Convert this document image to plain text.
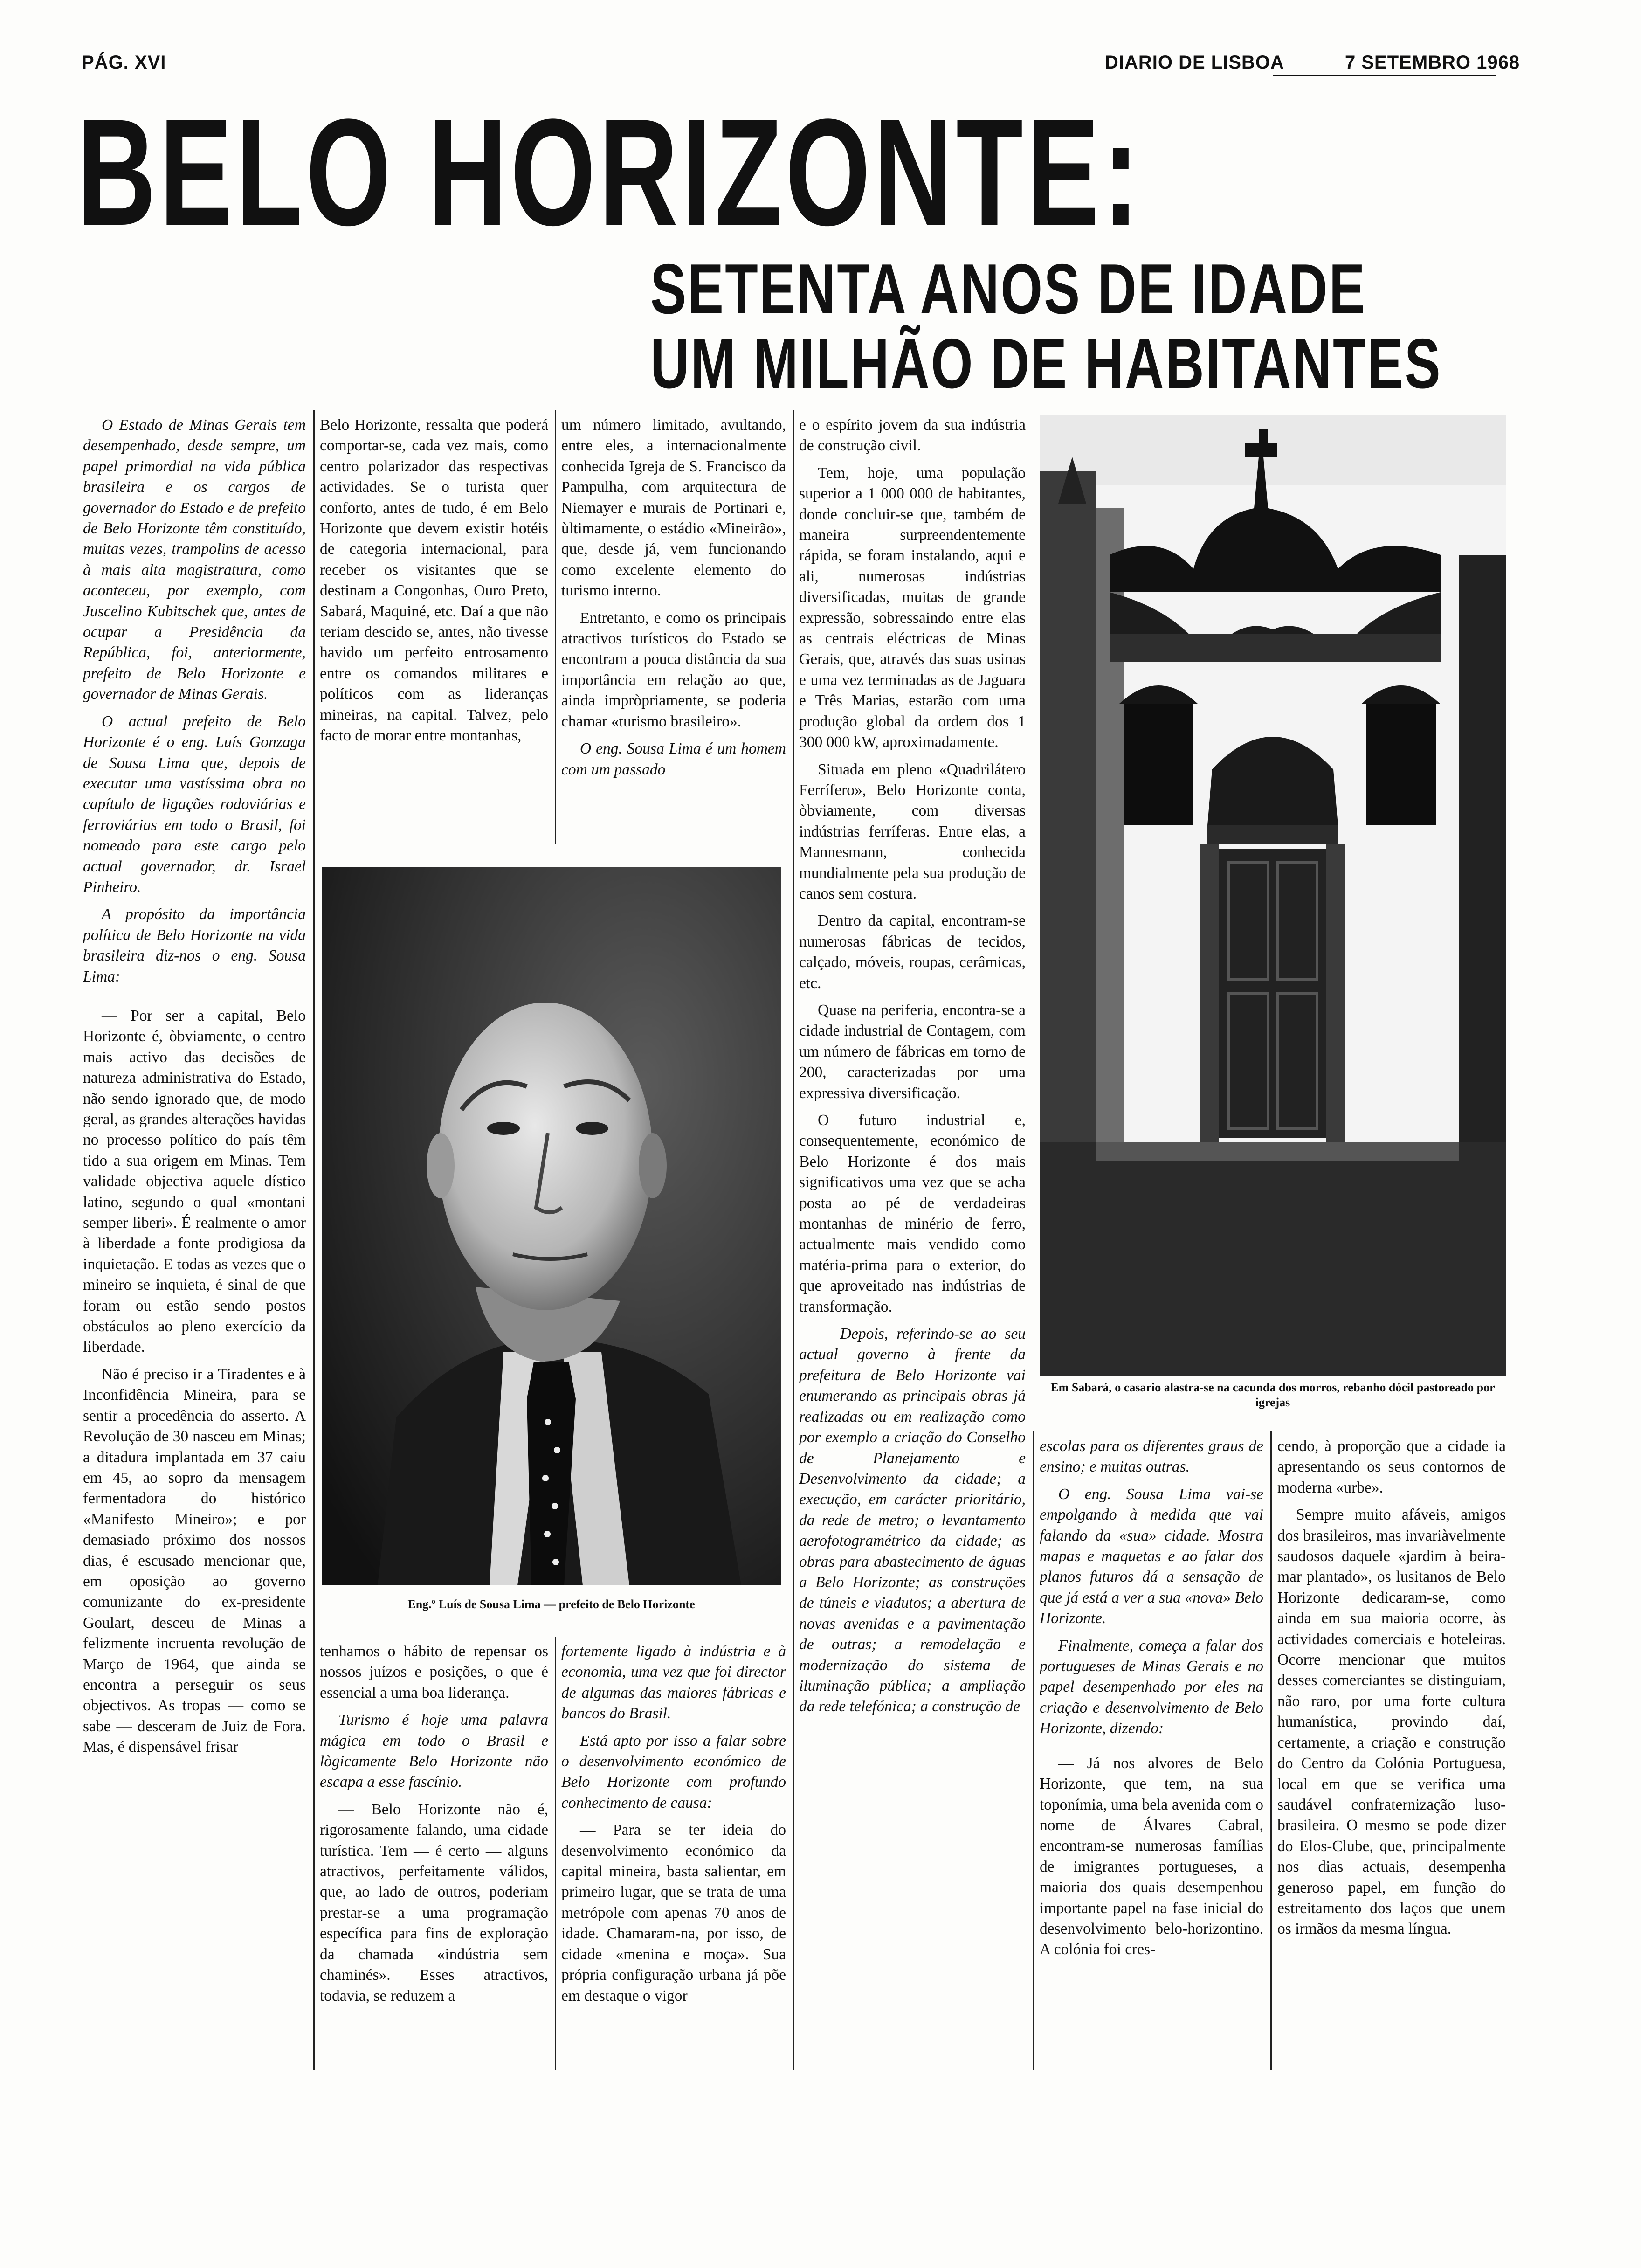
PÁG. XVI	DIARIO DE LISBOA	7 SETEMBRO 1968
BELO HORIZONTE:
SETENTA ANOS DE IDADE
UM MILHÃO DE HABITANTES

O Estado de Minas Gerais tem desempenhado, desde sempre, um papel primordial na vida pública brasileira e os cargos de governador do Estado e de prefeito de Belo Horizonte têm constituído, muitas vezes, trampolins de acesso à mais alta magistratura, como aconteceu, por exemplo, com Juscelino Kubitschek que, antes de ocupar a Presidência da República, foi, anteriormente, prefeito de Belo Horizonte e governador de Minas Gerais.

O actual prefeito de Belo Horizonte é o eng. Luís Gonzaga de Sousa Lima que, depois de executar uma vastíssima obra no capítulo de ligações rodoviárias e ferroviárias em todo o Brasil, foi nomeado para este cargo pelo actual governador, dr. Israel Pinheiro.

A propósito da importância política de Belo Horizonte na vida brasileira diz-nos o eng. Sousa Lima:

— Por ser a capital, Belo Horizonte é, òbviamente, o centro mais activo das decisões de natureza administrativa do Estado, não sendo ignorado que, de modo geral, as grandes alterações havidas no processo político do país têm tido a sua origem em Minas. Tem validade objectiva aquele dístico latino, segundo o qual «montani semper liberi». É realmente o amor à liberdade a fonte prodigiosa da inquietação. E todas as vezes que o mineiro se inquieta, é sinal de que foram ou estão sendo postos obstáculos ao pleno exercício da liberdade.

Não é preciso ir a Tiradentes e à Inconfidência Mineira, para se sentir a procedência do asserto. A Revolução de 30 nasceu em Minas; a ditadura implantada em 37 caiu em 45, ao sopro da mensagem fermentadora do histórico «Manifesto Mineiro»; e por demasiado próximo dos nossos dias, é escusado mencionar que, em oposição ao governo comunizante do ex-presidente Goulart, desceu de Minas a felizmente incruenta revolução de Março de 1964, que ainda se encontra a perseguir os seus objectivos. As tropas — como se sabe — desceram de Juiz de Fora. Mas, é dispensável frisar

Belo Horizonte, ressalta que poderá comportar-se, cada vez mais, como centro polarizador das respectivas actividades. Se o turista quer conforto, antes de tudo, é em Belo Horizonte que devem existir hotéis de categoria internacional, para receber os visitantes que se destinam a Congonhas, Ouro Preto, Sabará, Maquiné, etc. Daí a que não teriam descido se, antes, não tivesse havido um perfeito entrosamento entre os comandos militares e políticos com as lideranças mineiras, na capital. Talvez, pelo facto de morar entre montanhas,

um número limitado, avultando, entre eles, a internacionalmente conhecida Igreja de S. Francisco da Pampulha, com arquitectura de Niemayer e murais de Portinari e, ùltimamente, o estádio «Mineirão», que, desde já, vem funcionando como excelente elemento do turismo interno.

Entretanto, e como os principais atractivos turísticos do Estado se encontram a pouca distância da sua importância em relação ao que, ainda impròpriamente, se poderia chamar «turismo brasileiro».

O eng. Sousa Lima é um homem com um passado

Eng.º Luís de Sousa Lima — prefeito de Belo Horizonte

tenhamos o hábito de repensar os nossos juízos e posições, o que é essencial a uma boa liderança.

Turismo é hoje uma palavra mágica em todo o Brasil e lògicamente Belo Horizonte não escapa a esse fascínio.

— Belo Horizonte não é, rigorosamente falando, uma cidade turística. Tem — é certo — alguns atractivos, perfeitamente válidos, que, ao lado de outros, poderiam prestar-se a uma programação específica para fins de exploração da chamada «indústria sem chaminés». Esses atractivos, todavia, se reduzem a

fortemente ligado à indústria e à economia, uma vez que foi director de algumas das maiores fábricas e bancos do Brasil.

Está apto por isso a falar sobre o desenvolvimento económico de Belo Horizonte com profundo conhecimento de causa:

— Para se ter ideia do desenvolvimento económico da capital mineira, basta salientar, em primeiro lugar, que se trata de uma metrópole com apenas 70 anos de idade. Chamaram-na, por isso, de cidade «menina e moça». Sua própria configuração urbana já põe em destaque o vigor

e o espírito jovem da sua indústria de construção civil.

Tem, hoje, uma população superior a 1 000 000 de habitantes, donde concluir-se que, também de maneira surpreendentemente rápida, se foram instalando, aqui e ali, numerosas indústrias diversificadas, muitas de grande expressão, sobressaindo entre elas as centrais eléctricas de Minas Gerais, que, através das suas usinas e uma vez terminadas as de Jaguara e Três Marias, estarão com uma produção global da ordem dos 1 300 000 kW, aproximadamente.

Situada em pleno «Quadrilátero Ferrífero», Belo Horizonte conta, òbviamente, com diversas indústrias ferríferas. Entre elas, a Mannesmann, conhecida mundialmente pela sua produção de canos sem costura.

Dentro da capital, encontram-se numerosas fábricas de tecidos, calçado, móveis, roupas, cerâmicas, etc.

Quase na periferia, encontra-se a cidade industrial de Contagem, com um número de fábricas em torno de 200, caracterizadas por uma expressiva diversificação.

O futuro industrial e, consequentemente, económico de Belo Horizonte é dos mais significativos uma vez que se acha posta ao pé de verdadeiras montanhas de minério de ferro, actualmente mais vendido como matéria-prima para o exterior, do que aproveitado nas indústrias de transformação.

— Depois, referindo-se ao seu actual governo à frente da prefeitura de Belo Horizonte vai enumerando as principais obras já realizadas ou em realização como por exemplo a criação do Conselho de Planejamento e Desenvolvimento da cidade; a execução, em carácter prioritário, da rede de metro; o levantamento aerofotogramétrico da cidade; as obras para abastecimento de águas a Belo Horizonte; as construções de túneis e viadutos; a abertura de novas avenidas e a pavimentação de outras; a remodelação e modernização do sistema de iluminação pública; a ampliação da rede telefónica; a construção de

Em Sabará, o casario alastra-se na cacunda dos morros, rebanho dócil pastoreado por igrejas

escolas para os diferentes graus de ensino; e muitas outras.

O eng. Sousa Lima vai-se empolgando à medida que vai falando da «sua» cidade. Mostra mapas e maquetas e ao falar dos planos futuros dá a sensação de que já está a ver a sua «nova» Belo Horizonte.

Finalmente, começa a falar dos portugueses de Minas Gerais e no papel desempenhado por eles na criação e desenvolvimento de Belo Horizonte, dizendo:

— Já nos alvores de Belo Horizonte, que tem, na sua toponímia, uma bela avenida com o nome de Álvares Cabral, encontram-se numerosas famílias de imigrantes portugueses, a maioria dos quais desempenhou importante papel na fase inicial do desenvolvimento belo-horizontino. A colónia foi cres-

cendo, à proporção que a cidade ia apresentando os seus contornos de moderna «urbe».

Sempre muito afáveis, amigos dos brasileiros, mas invariàvelmente saudosos daquele «jardim à beira-mar plantado», os lusitanos de Belo Horizonte dedicaram-se, como ainda em sua maioria ocorre, às actividades comerciais e hoteleiras. Ocorre mencionar que muitos desses comerciantes se distinguiam, não raro, por uma forte cultura humanística, provindo daí, certamente, a criação e construção do Centro da Colónia Portuguesa, local em que se verifica uma saudável confraternização luso-brasileira. O mesmo se pode dizer do Elos-Clube, que, principalmente nos dias actuais, desempenha generoso papel, em função do estreitamento dos laços que unem os irmãos da mesma língua.
